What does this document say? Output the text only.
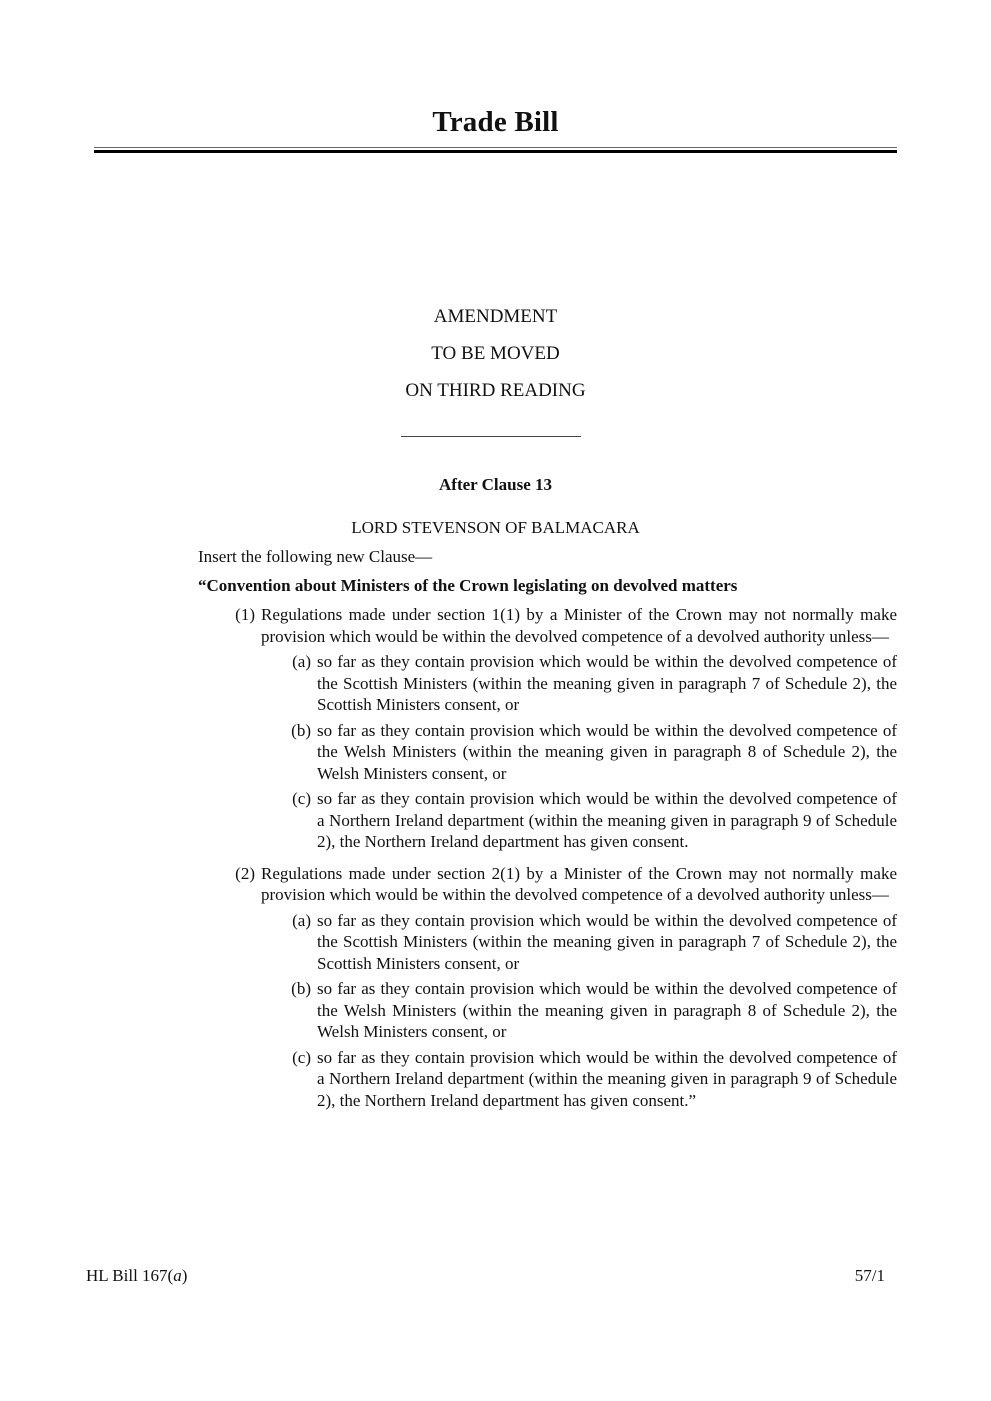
Trade Bill
AMENDMENT
TO BE MOVED
ON THIRD READING
After Clause 13
LORD STEVENSON OF BALMACARA
Insert the following new Clause—
“Convention about Ministers of the Crown legislating on devolved matters
(1) Regulations made under section 1(1) by a Minister of the Crown may not normally make provision which would be within the devolved competence of a devolved authority unless—
(a) so far as they contain provision which would be within the devolved competence of the Scottish Ministers (within the meaning given in paragraph 7 of Schedule 2), the Scottish Ministers consent, or
(b) so far as they contain provision which would be within the devolved competence of the Welsh Ministers (within the meaning given in paragraph 8 of Schedule 2), the Welsh Ministers consent, or
(c) so far as they contain provision which would be within the devolved competence of a Northern Ireland department (within the meaning given in paragraph 9 of Schedule 2), the Northern Ireland department has given consent.
(2) Regulations made under section 2(1) by a Minister of the Crown may not normally make provision which would be within the devolved competence of a devolved authority unless—
(a) so far as they contain provision which would be within the devolved competence of the Scottish Ministers (within the meaning given in paragraph 7 of Schedule 2), the Scottish Ministers consent, or
(b) so far as they contain provision which would be within the devolved competence of the Welsh Ministers (within the meaning given in paragraph 8 of Schedule 2), the Welsh Ministers consent, or
(c) so far as they contain provision which would be within the devolved competence of a Northern Ireland department (within the meaning given in paragraph 9 of Schedule 2), the Northern Ireland department has given consent.”
HL Bill 167(a)	57/1
